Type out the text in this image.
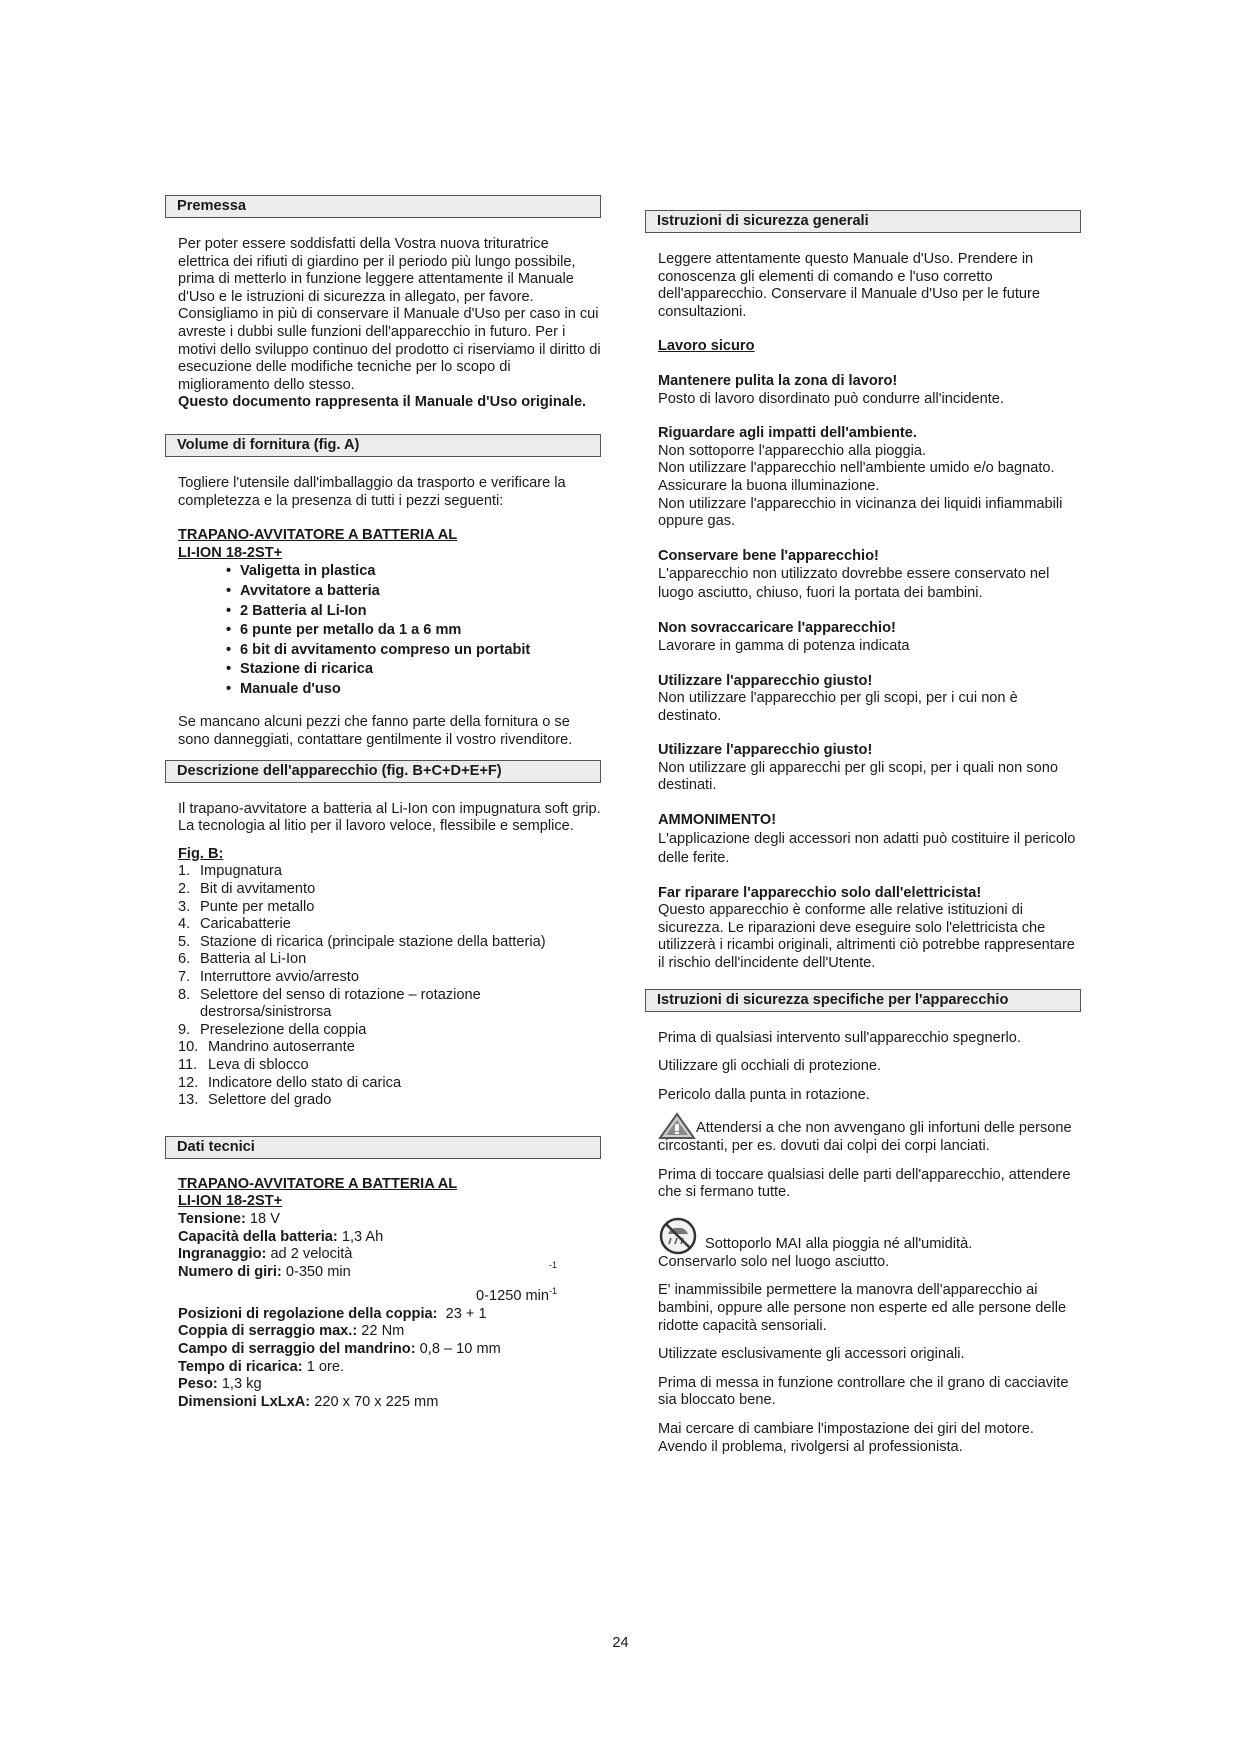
Premessa

Per poter essere soddisfatti della Vostra nuova trituratrice elettrica dei rifiuti di giardino per il periodo più lungo possibile, prima di metterlo in funzione leggere attentamente il Manuale d'Uso e le istruzioni di sicurezza in allegato, per favore. Consigliamo in più di conservare il Manuale d'Uso per caso in cui avreste i dubbi sulle funzioni dell'apparecchio in futuro. Per i motivi dello sviluppo continuo del prodotto ci riserviamo il diritto di esecuzione delle modifiche tecniche per lo scopo di miglioramento dello stesso.

Questo documento rappresenta il Manuale d'Uso originale.

Volume di fornitura (fig. A)

Togliere l'utensile dall'imballaggio da trasporto e verificare la completezza e la presenza di tutti i pezzi seguenti:

TRAPANO-AVVITATORE A BATTERIA AL

LI-ION 18-2ST+

• Valigetta in plastica
• Avvitatore a batteria
• 2 Batteria al Li-Ion
• 6 punte per metallo da 1 a 6 mm
• 6 bit di avvitamento compreso un portabit
• Stazione di ricarica
• Manuale d'uso

Se mancano alcuni pezzi che fanno parte della fornitura o se sono danneggiati, contattare gentilmente il vostro rivenditore.

Descrizione dell'apparecchio (fig. B+C+D+E+F)

Il trapano-avvitatore a batteria al Li-Ion con impugnatura soft grip. La tecnologia al litio per il lavoro veloce, flessibile e semplice.

Fig. B:

1. Impugnatura
2. Bit di avvitamento
3. Punte per metallo
4. Caricabatterie
5. Stazione di ricarica (principale stazione della batteria)
6. Batteria al Li-Ion
7. Interruttore avvio/arresto
8. Selettore del senso di rotazione – rotazione destrorsa/sinistrorsa
9. Preselezione della coppia
10. Mandrino autoserrante
11. Leva di sblocco
12. Indicatore dello stato di carica
13. Selettore del grado
Dati tecnici

TRAPANO-AVVITATORE A BATTERIA AL

LI-ION 18-2ST+

Tensione: 18 V

Capacità della batteria: 1,3 Ah

Ingranaggio: ad 2 velocità

Numero di giri: 0-350 min	-1

0-1250 $\min^{-1}$

Posizioni di regolazione della coppia: 23 + 1

Coppia di serraggio max.: 22 Nm

Campo di serraggio del mandrino: 0,8 – 10 mm

Tempo di ricarica: 1 ore.

Peso: 1,3 kg

Dimensioni LxLxA: 220 x 70 x 225 mm

Istruzioni di sicurezza generali

Leggere attentamente questo Manuale d'Uso. Prendere in conoscenza gli elementi di comando e l'uso corretto dell'apparecchio. Conservare il Manuale d'Uso per le future consultazioni.

Lavoro sicuro

Mantenere pulita la zona di lavoro!

Posto di lavoro disordinato può condurre all'incidente.

Riguardare agli impatti dell'ambiente.

Non sottoporre l'apparecchio alla pioggia.

Non utilizzare l'apparecchio nell'ambiente umido e/o bagnato.

Assicurare la buona illuminazione.

Non utilizzare l'apparecchio in vicinanza dei liquidi infiammabili oppure gas.

Conservare bene l'apparecchio!

L'apparecchio non utilizzato dovrebbe essere conservato nel luogo asciutto, chiuso, fuori la portata dei bambini.

Non sovraccaricare l'apparecchio!

Lavorare in gamma di potenza indicata

Utilizzare l'apparecchio giusto!

Non utilizzare l'apparecchio per gli scopi, per i cui non è destinato.

Utilizzare l'apparecchio giusto!

Non utilizzare gli apparecchi per gli scopi, per i quali non sono destinati.

AMMONIMENTO!

L'applicazione degli accessori non adatti può costituire il pericolo delle ferite.

Far riparare l'apparecchio solo dall'elettricista!

Questo apparecchio è conforme alle relative istituzioni di sicurezza. Le riparazioni deve eseguire solo l'elettricista che utilizzerà i ricambi originali, altrimenti ciò potrebbe rappresentare il rischio dell'incidente dell'Utente.

Istruzioni di sicurezza specifiche per l'apparecchio

Prima di qualsiasi intervento sull'apparecchio spegnerlo.

Utilizzare gli occhiali di protezione.

Pericolo dalla punta in rotazione.

Attendersi a che non avvengano gli infortuni delle persone circostanti, per es. dovuti dai colpi dei corpi lanciati.

Prima di toccare qualsiasi delle parti dell'apparecchio, attendere che si fermano tutte.

Sottoporlo MAI alla pioggia né all'umidità.

Conservarlo solo nel luogo asciutto.

E' inammissibile permettere la manovra dell'apparecchio ai bambini, oppure alle persone non esperte ed alle persone delle ridotte capacità sensoriali.

Utilizzate esclusivamente gli accessori originali.

Prima di messa in funzione controllare che il grano di cacciavite sia bloccato bene.

Mai cercare di cambiare l'impostazione dei giri del motore. Avendo il problema, rivolgersi al professionista.

24
